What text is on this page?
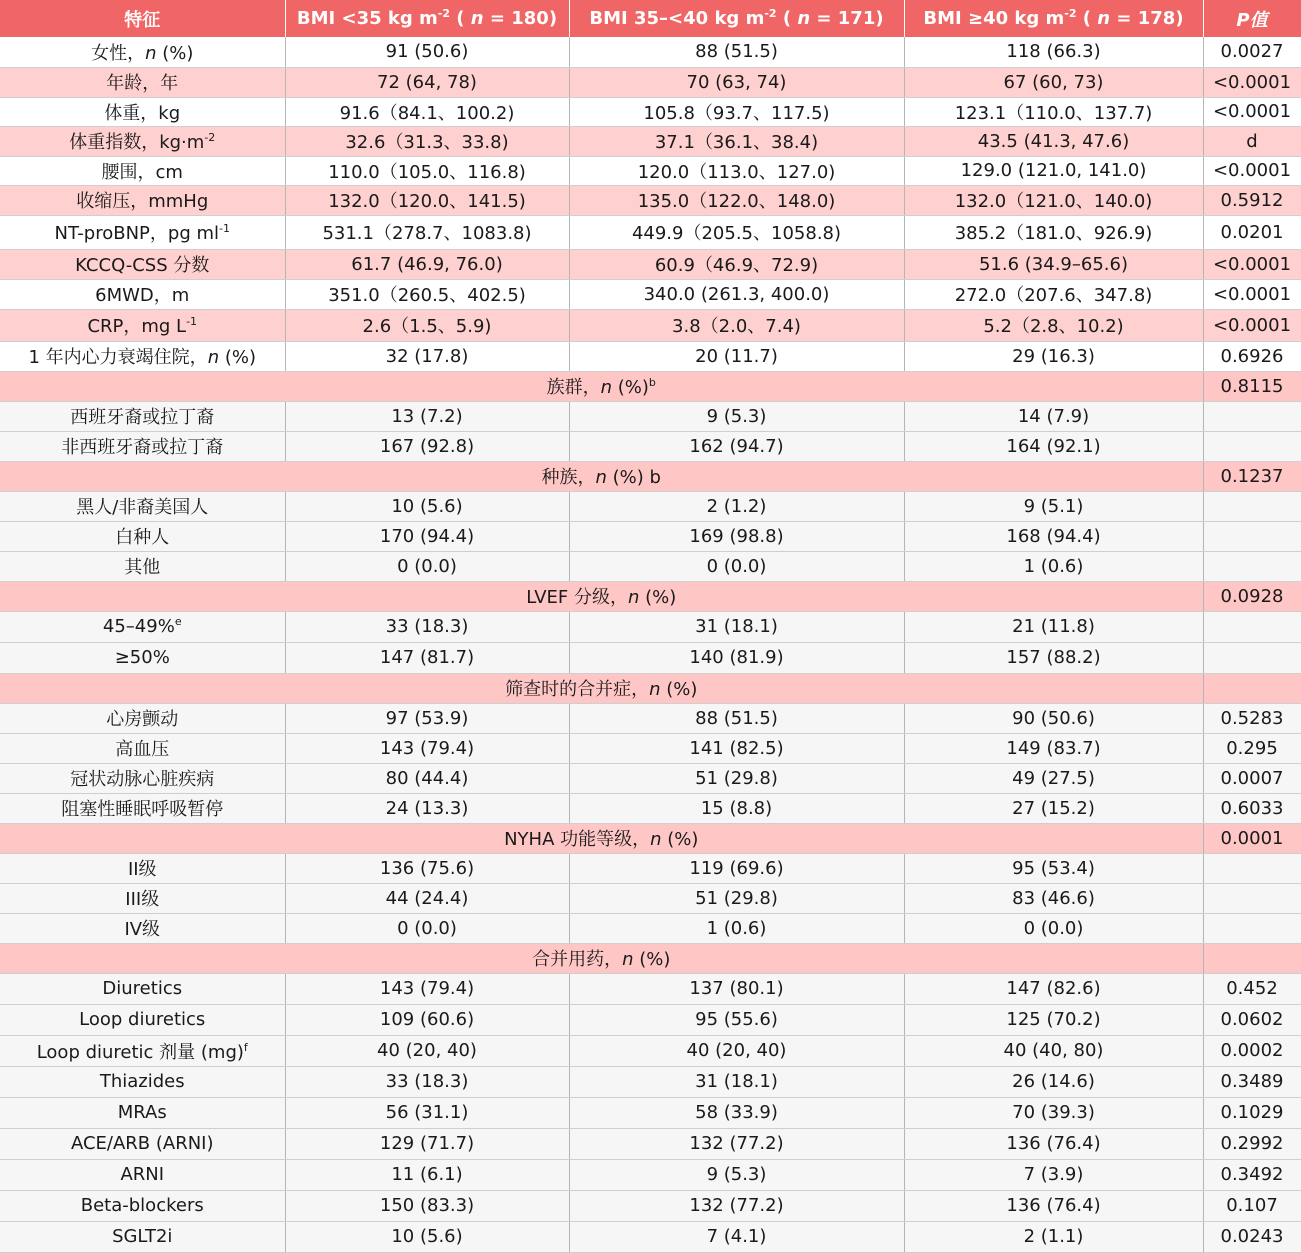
特征	BMI <35 kg $m^{-2}$ ( n = 180)	BMI 35–<40 kg $m^{-2}$ ( n = 171)	BMI ≥40 kg $m^{-2}$ ( n = 178)	P值
女性，n (%)	91 (50.6)	88 (51.5)	118 (66.3)	0.0027
年龄，年	72 (64, 78)	70 (63, 74)	67 (60, 73)	<0.0001
体重，kg	91.6（84.1、100.2)	105.8（93.7、117.5)	123.1（110.0、137.7)	<0.0001
体重指数，$kg\cdot m^{-2}$	32.6（31.3、33.8)	37.1（36.1、38.4)	43.5 (41.3, 47.6)	d
腰围，cm	110.0（105.0、116.8)	120.0（113.0、127.0)	129.0 (121.0, 141.0)	<0.0001
收缩压，mmHg	132.0（120.0、141.5)	135.0（122.0、148.0)	132.0（121.0、140.0)	0.5912
NT-proBNP，pg $ml^{-1}$	531.1（278.7、1083.8)	449.9（205.5、1058.8)	385.2（181.0、926.9)	0.0201
KCCQ-CSS 分数	61.7 (46.9, 76.0)	60.9（46.9、72.9)	51.6 (34.9–65.6)	<0.0001
6MWD，m	351.0（260.5、402.5)	340.0 (261.3, 400.0)	272.0（207.6、347.8)	<0.0001
CRP，mg $L^{-1}$	2.6（1.5、5.9)	3.8（2.0、7.4)	5.2（2.8、10.2)	<0.0001
1 年内心力衰竭住院，n (%)	32 (17.8)	20 (11.7)	29 (16.3)	0.6926
族群，n (%)$^b$				0.8115
西班牙裔或拉丁裔	13 (7.2)	9 (5.3)	14 (7.9)	
非西班牙裔或拉丁裔	167 (92.8)	162 (94.7)	164 (92.1)	
种族，n (%) b				0.1237
黑人/非裔美国人	10 (5.6)	2 (1.2)	9 (5.1)	
白种人	170 (94.4)	169 (98.8)	168 (94.4)	
其他	0 (0.0)	0 (0.0)	1 (0.6)	
LVEF 分级，n (%)				0.0928
45–49%$^e$	33 (18.3)	31 (18.1)	21 (11.8)	
≥50%	147 (81.7)	140 (81.9)	157 (88.2)	
筛查时的合并症，n (%)				
心房颤动	97 (53.9)	88 (51.5)	90 (50.6)	0.5283
高血压	143 (79.4)	141 (82.5)	149 (83.7)	0.295
冠状动脉心脏疾病	80 (44.4)	51 (29.8)	49 (27.5)	0.0007
阻塞性睡眠呼吸暂停	24 (13.3)	15 (8.8)	27 (15.2)	0.6033
NYHA 功能等级，n (%)				0.0001
II级	136 (75.6)	119 (69.6)	95 (53.4)	
III级	44 (24.4)	51 (29.8)	83 (46.6)	
IV级	0 (0.0)	1 (0.6)	0 (0.0)	
合并用药，n (%)				
Diuretics	143 (79.4)	137 (80.1)	147 (82.6)	0.452
Loop diuretics	109 (60.6)	95 (55.6)	125 (70.2)	0.0602
Loop diuretic 剂量 (mg)$^f$	40 (20, 40)	40 (20, 40)	40 (40, 80)	0.0002
Thiazides	33 (18.3)	31 (18.1)	26 (14.6)	0.3489
MRAs	56 (31.1)	58 (33.9)	70 (39.3)	0.1029
ACE/ARB (ARNI)	129 (71.7)	132 (77.2)	136 (76.4)	0.2992
ARNI	11 (6.1)	9 (5.3)	7 (3.9)	0.3492
Beta-blockers	150 (83.3)	132 (77.2)	136 (76.4)	0.107
SGLT2i	10 (5.6)	7 (4.1)	2 (1.1)	0.0243
